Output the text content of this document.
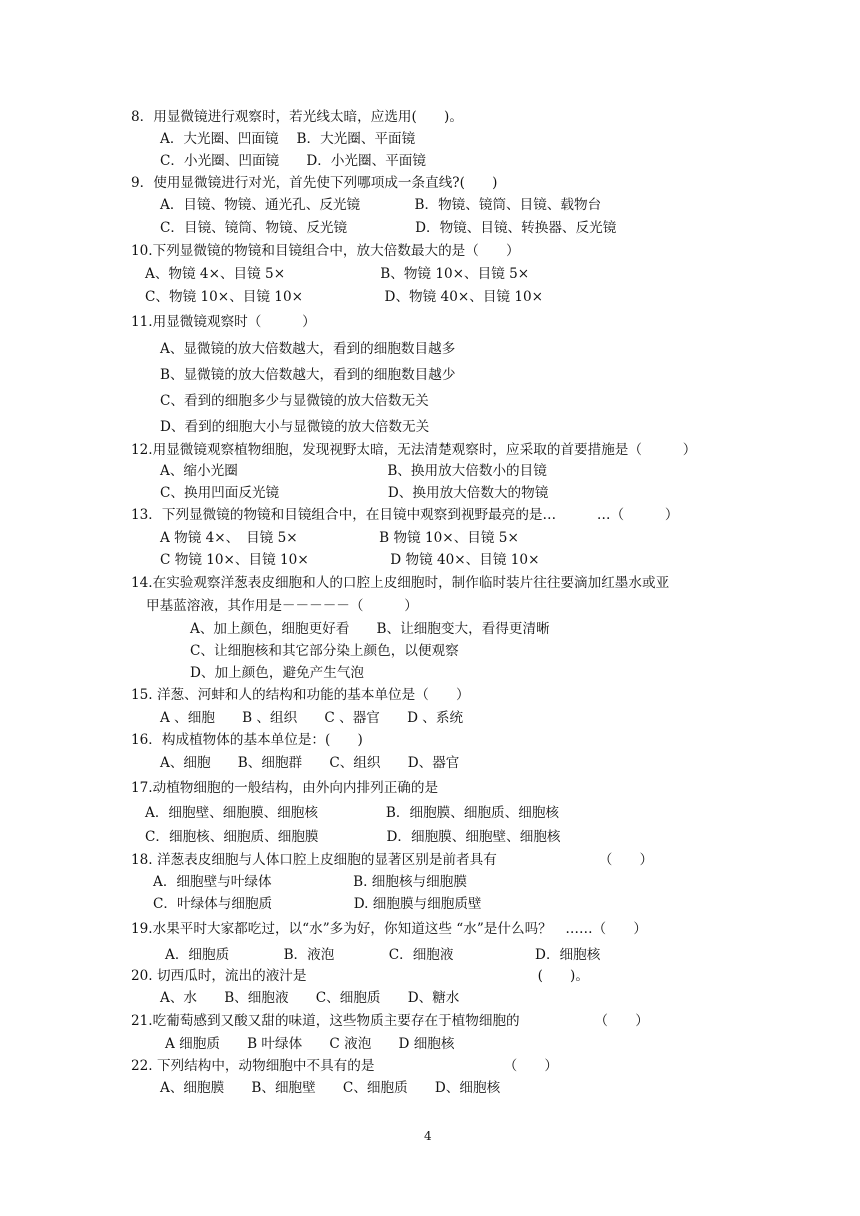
8．用显微镜进行观察时，若光线太暗，应选用(　　)。
A．大光圈、凹面镜　 B．大光圈、平面镜
C．小光圈、凹面镜　　D．小光圈、平面镜
9．使用显微镜进行对光，首先使下列哪项成一条直线?(　　)
A．目镜、物镜、通光孔、反光镜　　　　B．物镜、镜筒、目镜、载物台
C．目镜、镜筒、物镜、反光镜　　　　　D．物镜、目镜、转换器、反光镜
10.下列显微镜的物镜和目镜组合中，放大倍数最大的是（　　）
A、物镜 4×、目镜 5×　　　　　　　B、物镜 10×、目镜 5×
C、物镜 10×、目镜 10×　　　　　　D、物镜 40×、目镜 10×
11.用显微镜观察时（　　　）
A、显微镜的放大倍数越大，看到的细胞数目越多
B、显微镜的放大倍数越大，看到的细胞数目越少
C、看到的细胞多少与显微镜的放大倍数无关
D、看到的细胞大小与显微镜的放大倍数无关
12.用显微镜观察植物细胞，发现视野太暗，无法清楚观察时，应采取的首要措施是（　　　）
A、缩小光圈　　　　　　　　　　　B、换用放大倍数小的目镜
C、换用凹面反光镜　　　　　　　　D、换用放大倍数大的物镜
13．下列显微镜的物镜和目镜组合中，在目镜中观察到视野最亮的是…　　　…（　　　）
A 物镜 4×、　目镜 5×　　　　　　B 物镜 10×、目镜 5×
C 物镜 10×、目镜 10×　　　　　　D 物镜 40×、目镜 10×
14.在实验观察洋葱表皮细胞和人的口腔上皮细胞时，制作临时装片往往要滴加红墨水或亚
甲基蓝溶液，其作用是－－－－－（　　　）
A、加上颜色，细胞更好看　　B、让细胞变大，看得更清晰
C、让细胞核和其它部分染上颜色，以便观察
D、加上颜色，避免产生气泡
15. 洋葱、河蚌和人的结构和功能的基本单位是（　　）
A 、细胞　　B 、组织　　C 、器官　　D 、系统
16．构成植物体的基本单位是：(　　)
A、细胞　　B、细胞群　　C、组织　　D、器官
17.动植物细胞的一般结构，由外向内排列正确的是
A．细胞壁、细胞膜、细胞核　　　　　B．细胞膜、细胞质、细胞核
C．细胞核、细胞质、细胞膜　　　　　D．细胞膜、细胞壁、细胞核
18. 洋葱表皮细胞与人体口腔上皮细胞的显著区别是前者具有　　　　　　　　（　　）
A．细胞壁与叶绿体　　　　　　B. 细胞核与细胞膜
C．叶绿体与细胞质　　　　　　D. 细胞膜与细胞质壁
19.水果平时大家都吃过，以“水”多为好，你知道这些 “水”是什么吗？　……（　　）
A．细胞质　　　　B．液泡　　　　C．细胞液　　　　　　D．细胞核
20. 切西瓜时，流出的液汁是　　　　　　　　　　　　　　　　　(　　)。
A、水　　B、细胞液　　C、细胞质　　D、糖水
21.吃葡萄感到又酸又甜的味道，这些物质主要存在于植物细胞的　　　　　　（　　）
A 细胞质　　B 叶绿体　　C 液泡　　D 细胞核
22. 下列结构中，动物细胞中不具有的是　　　　　　　　　　（　　）
A、细胞膜　　B、细胞壁　　C、细胞质　　D、细胞核
4
